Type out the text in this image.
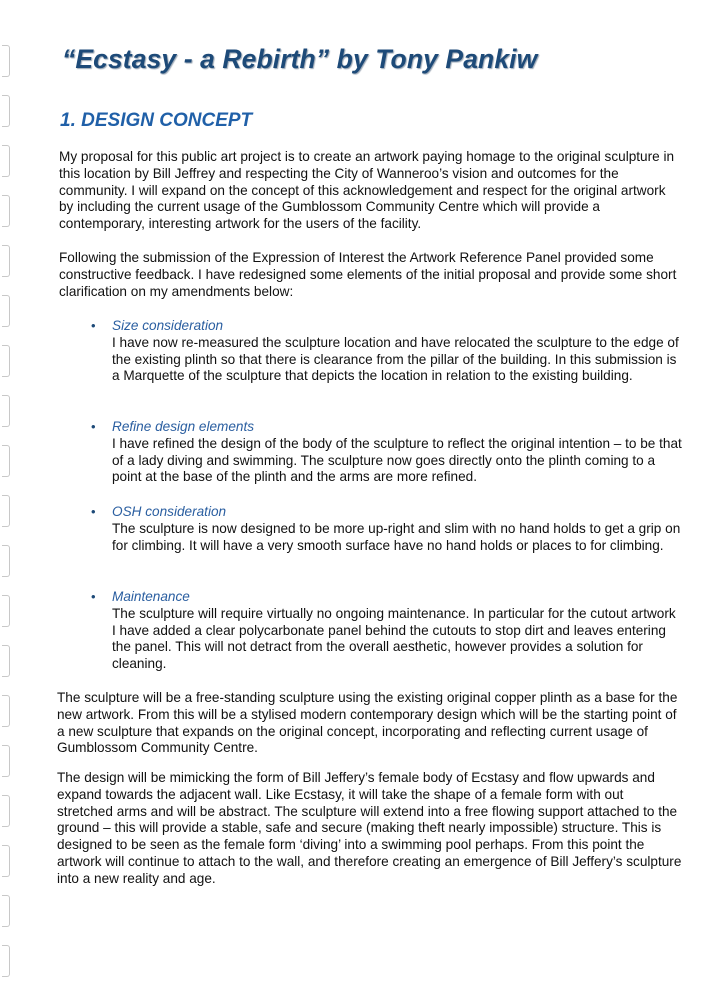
“Ecstasy - a Rebirth” by Tony Pankiw
1. DESIGN CONCEPT

My proposal for this public art project is to create an artwork paying homage to the original sculpture in this location by Bill Jeffrey and respecting the City of Wanneroo’s vision and outcomes for the community. I will expand on the concept of this acknowledgement and respect for the original artwork by including the current usage of the Gumblossom Community Centre which will provide a contemporary, interesting artwork for the users of the facility.

Following the submission of the Expression of Interest the Artwork Reference Panel provided some constructive feedback. I have redesigned some elements of the initial proposal and provide some short clarification on my amendments below:

• Size consideration

I have now re-measured the sculpture location and have relocated the sculpture to the edge of the existing plinth so that there is clearance from the pillar of the building. In this submission is a Marquette of the sculpture that depicts the location in relation to the existing building.

• Refine design elements

I have refined the design of the body of the sculpture to reflect the original intention – to be that of a lady diving and swimming. The sculpture now goes directly onto the plinth coming to a point at the base of the plinth and the arms are more refined.

• OSH consideration

The sculpture is now designed to be more up-right and slim with no hand holds to get a grip on for climbing. It will have a very smooth surface have no hand holds or places to for climbing.

• Maintenance

The sculpture will require virtually no ongoing maintenance. In particular for the cutout artwork I have added a clear polycarbonate panel behind the cutouts to stop dirt and leaves entering the panel. This will not detract from the overall aesthetic, however provides a solution for cleaning.

The sculpture will be a free-standing sculpture using the existing original copper plinth as a base for the new artwork. From this will be a stylised modern contemporary design which will be the starting point of a new sculpture that expands on the original concept, incorporating and reflecting current usage of Gumblossom Community Centre.

The design will be mimicking the form of Bill Jeffery’s female body of Ecstasy and flow upwards and expand towards the adjacent wall. Like Ecstasy, it will take the shape of a female form with out stretched arms and will be abstract. The sculpture will extend into a free flowing support attached to the ground – this will provide a stable, safe and secure (making theft nearly impossible) structure. This is designed to be seen as the female form ‘diving’ into a swimming pool perhaps. From this point the artwork will continue to attach to the wall, and therefore creating an emergence of Bill Jeffery’s sculpture into a new reality and age.
